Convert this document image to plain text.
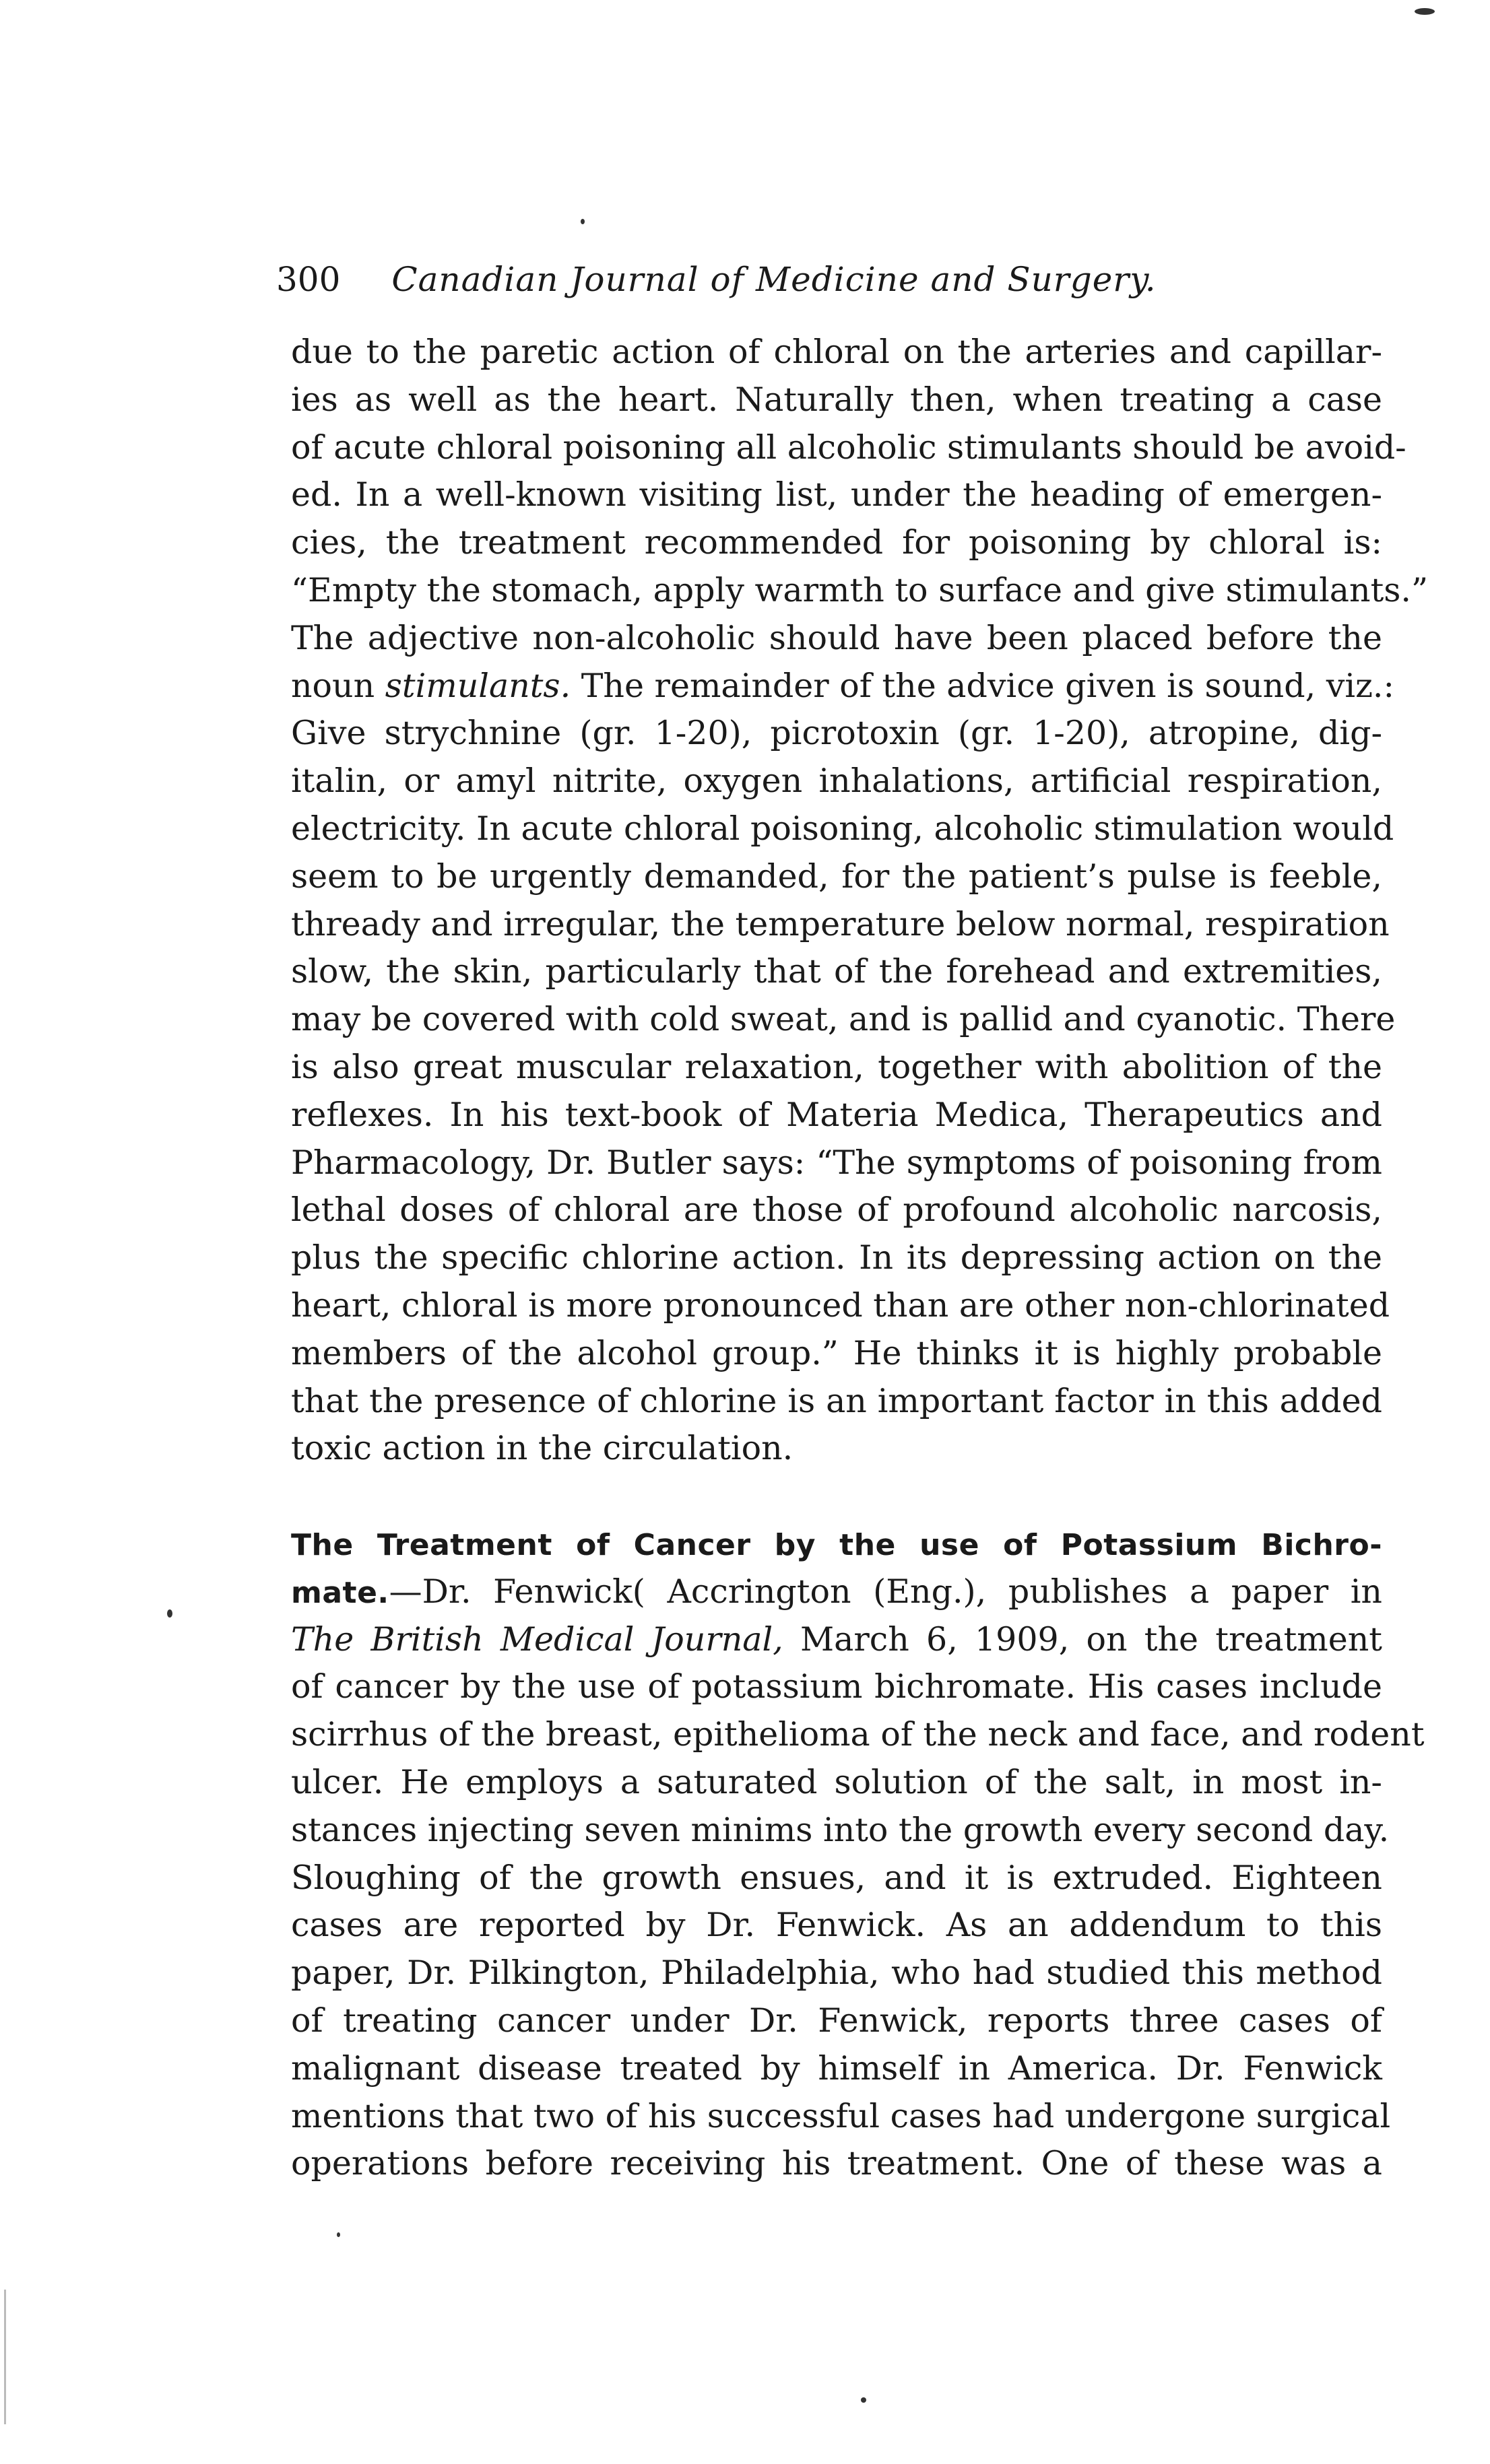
300 Canadian Journal of Medicine and Surgery.
due to the paretic action of chloral on the arteries and capillar-
ies as well as the heart. Naturally then, when treating a case
of acute chloral poisoning all alcoholic stimulants should be avoid-
ed. In a well-known visiting list, under the heading of emergen-
cies, the treatment recommended for poisoning by chloral is:
“Empty the stomach, apply warmth to surface and give stimulants.”
The adjective non-alcoholic should have been placed before the
noun stimulants. The remainder of the advice given is sound, viz.:
Give strychnine (gr. 1-20), picrotoxin (gr. 1-20), atropine, dig-
italin, or amyl nitrite, oxygen inhalations, artificial respiration,
electricity. In acute chloral poisoning, alcoholic stimulation would
seem to be urgently demanded, for the patient’s pulse is feeble,
thready and irregular, the temperature below normal, respiration
slow, the skin, particularly that of the forehead and extremities,
may be covered with cold sweat, and is pallid and cyanotic. There
is also great muscular relaxation, together with abolition of the
reflexes. In his text-book of Materia Medica, Therapeutics and
Pharmacology, Dr. Butler says: “The symptoms of poisoning from
lethal doses of chloral are those of profound alcoholic narcosis,
plus the specific chlorine action. In its depressing action on the
heart, chloral is more pronounced than are other non-chlorinated
members of the alcohol group.” He thinks it is highly probable
that the presence of chlorine is an important factor in this added
toxic action in the circulation.
The Treatment of Cancer by the use of Potassium Bichro-
mate.—Dr. Fenwick( Accrington (Eng.), publishes a paper in
The British Medical Journal, March 6, 1909, on the treatment
of cancer by the use of potassium bichromate. His cases include
scirrhus of the breast, epithelioma of the neck and face, and rodent
ulcer. He employs a saturated solution of the salt, in most in-
stances injecting seven minims into the growth every second day.
Sloughing of the growth ensues, and it is extruded. Eighteen
cases are reported by Dr. Fenwick. As an addendum to this
paper, Dr. Pilkington, Philadelphia, who had studied this method
of treating cancer under Dr. Fenwick, reports three cases of
malignant disease treated by himself in America. Dr. Fenwick
mentions that two of his successful cases had undergone surgical
operations before receiving his treatment. One of these was a
